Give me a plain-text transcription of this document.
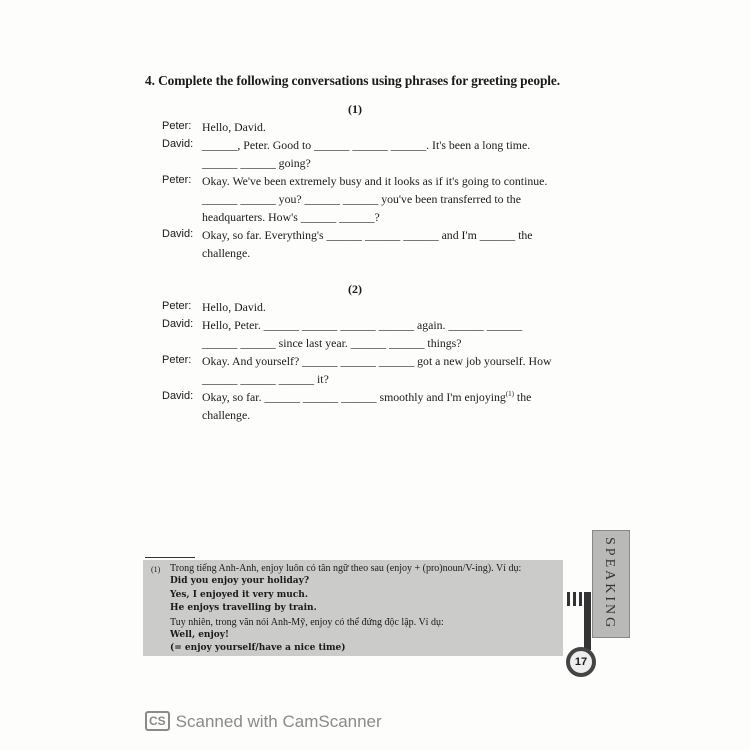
4. Complete the following conversations using phrases for greeting people.
(1)
Peter: Hello, David.
David: ______, Peter. Good to ______ ______ ______. It's been a long time.
______ ______ going?
Peter: Okay. We've been extremely busy and it looks as if it's going to continue.
______ ______ you? ______ ______ you've been transferred to the
headquarters. How's ______ ______?
David: Okay, so far. Everything's ______ ______ ______ and I'm ______ the
challenge.
(2)
Peter: Hello, David.
David: Hello, Peter. ______ ______ ______ ______ again. ______ ______
______ ______ since last year. ______ ______ things?
Peter: Okay. And yourself? ______ ______ ______ got a new job yourself. How
______ ______ ______ it?
David: Okay, so far. ______ ______ ______ smoothly and I'm enjoying$^{(1)}$ the
challenge.
(1) Trong tiếng Anh-Anh, enjoy luôn có tân ngữ theo sau (enjoy + (pro)noun/V-ing). Ví dụ:
Did you enjoy your holiday?
Yes, I enjoyed it very much.
He enjoys travelling by train.
Tuy nhiên, trong văn nói Anh-Mỹ, enjoy có thể đứng độc lập. Ví dụ:
Well, enjoy!
(= enjoy yourself/have a nice time)
SPEAKING
17
CS Scanned with CamScanner
